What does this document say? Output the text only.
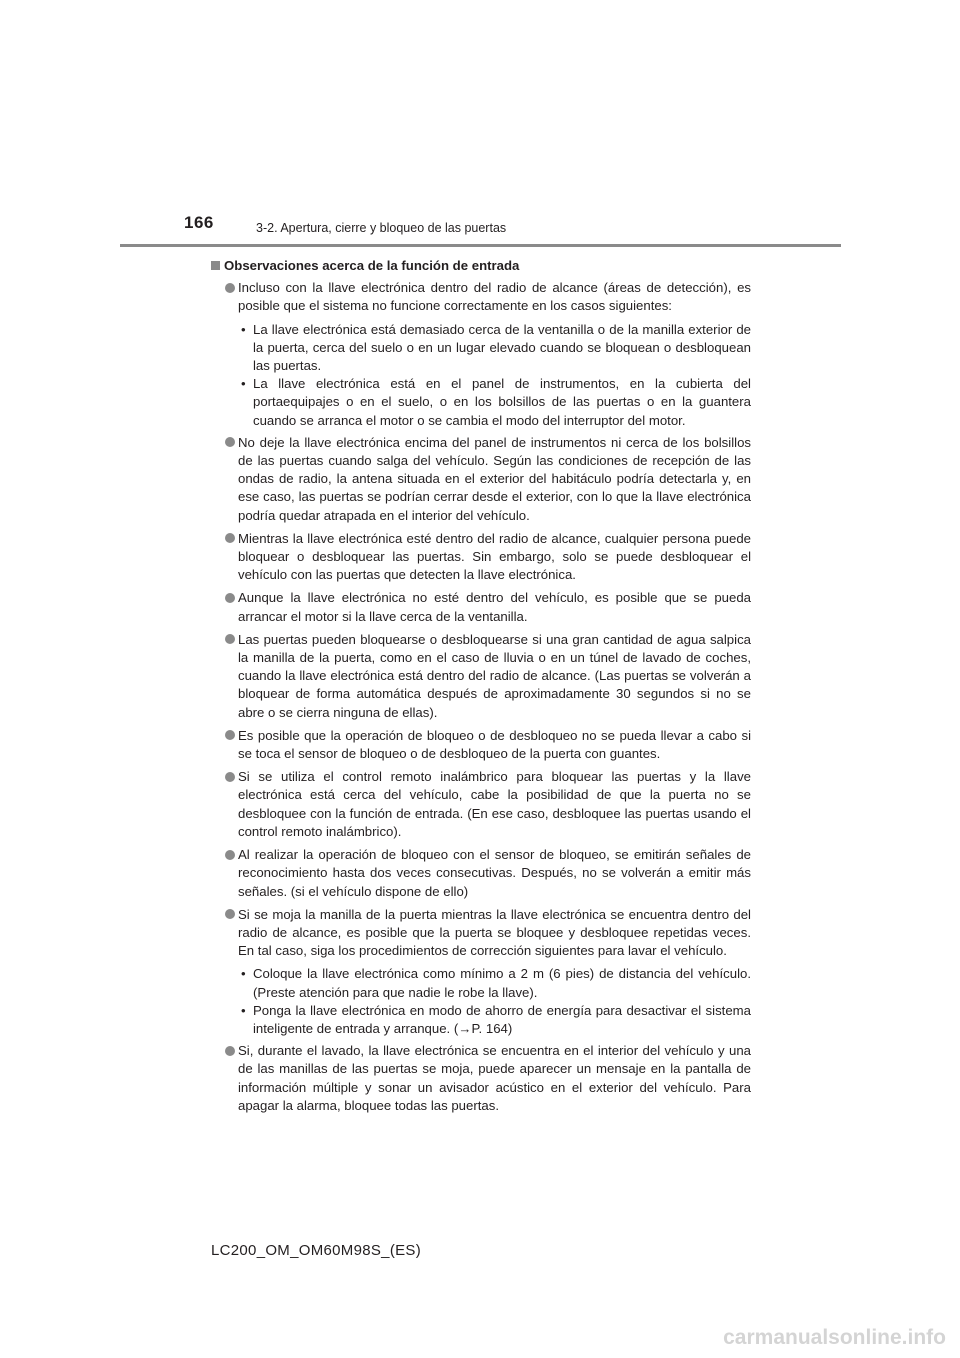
166	3-2. Apertura, cierre y bloqueo de las puertas
Observaciones acerca de la función de entrada
Incluso con la llave electrónica dentro del radio de alcance (áreas de detección), es posible que el sistema no funcione correctamente en los casos siguientes:
• La llave electrónica está demasiado cerca de la ventanilla o de la manilla exterior de la puerta, cerca del suelo o en un lugar elevado cuando se bloquean o desbloquean las puertas.
• La llave electrónica está en el panel de instrumentos, en la cubierta del portaequipajes o en el suelo, o en los bolsillos de las puertas o en la guantera cuando se arranca el motor o se cambia el modo del interruptor del motor.
No deje la llave electrónica encima del panel de instrumentos ni cerca de los bolsillos de las puertas cuando salga del vehículo. Según las condiciones de recepción de las ondas de radio, la antena situada en el exterior del habitáculo podría detectarla y, en ese caso, las puertas se podrían cerrar desde el exterior, con lo que la llave electrónica podría quedar atrapada en el interior del vehículo.
Mientras la llave electrónica esté dentro del radio de alcance, cualquier persona puede bloquear o desbloquear las puertas. Sin embargo, solo se puede desbloquear el vehículo con las puertas que detecten la llave electrónica.
Aunque la llave electrónica no esté dentro del vehículo, es posible que se pueda arrancar el motor si la llave cerca de la ventanilla.
Las puertas pueden bloquearse o desbloquearse si una gran cantidad de agua salpica la manilla de la puerta, como en el caso de lluvia o en un túnel de lavado de coches, cuando la llave electrónica está dentro del radio de alcance. (Las puertas se volverán a bloquear de forma automática después de aproximadamente 30 segundos si no se abre o se cierra ninguna de ellas).
Es posible que la operación de bloqueo o de desbloqueo no se pueda llevar a cabo si se toca el sensor de bloqueo o de desbloqueo de la puerta con guantes.
Si se utiliza el control remoto inalámbrico para bloquear las puertas y la llave electrónica está cerca del vehículo, cabe la posibilidad de que la puerta no se desbloquee con la función de entrada. (En ese caso, desbloquee las puertas usando el control remoto inalámbrico).
Al realizar la operación de bloqueo con el sensor de bloqueo, se emitirán señales de reconocimiento hasta dos veces consecutivas. Después, no se volverán a emitir más señales. (si el vehículo dispone de ello)
Si se moja la manilla de la puerta mientras la llave electrónica se encuentra dentro del radio de alcance, es posible que la puerta se bloquee y desbloquee repetidas veces. En tal caso, siga los procedimientos de corrección siguientes para lavar el vehículo.
• Coloque la llave electrónica como mínimo a 2 m (6 pies) de distancia del vehículo. (Preste atención para que nadie le robe la llave).
• Ponga la llave electrónica en modo de ahorro de energía para desactivar el sistema inteligente de entrada y arranque. (→P. 164)
Si, durante el lavado, la llave electrónica se encuentra en el interior del vehículo y una de las manillas de las puertas se moja, puede aparecer un mensaje en la pantalla de información múltiple y sonar un avisador acústico en el exterior del vehículo. Para apagar la alarma, bloquee todas las puertas.
LC200_OM_OM60M98S_(ES)
carmanualsonline.info
